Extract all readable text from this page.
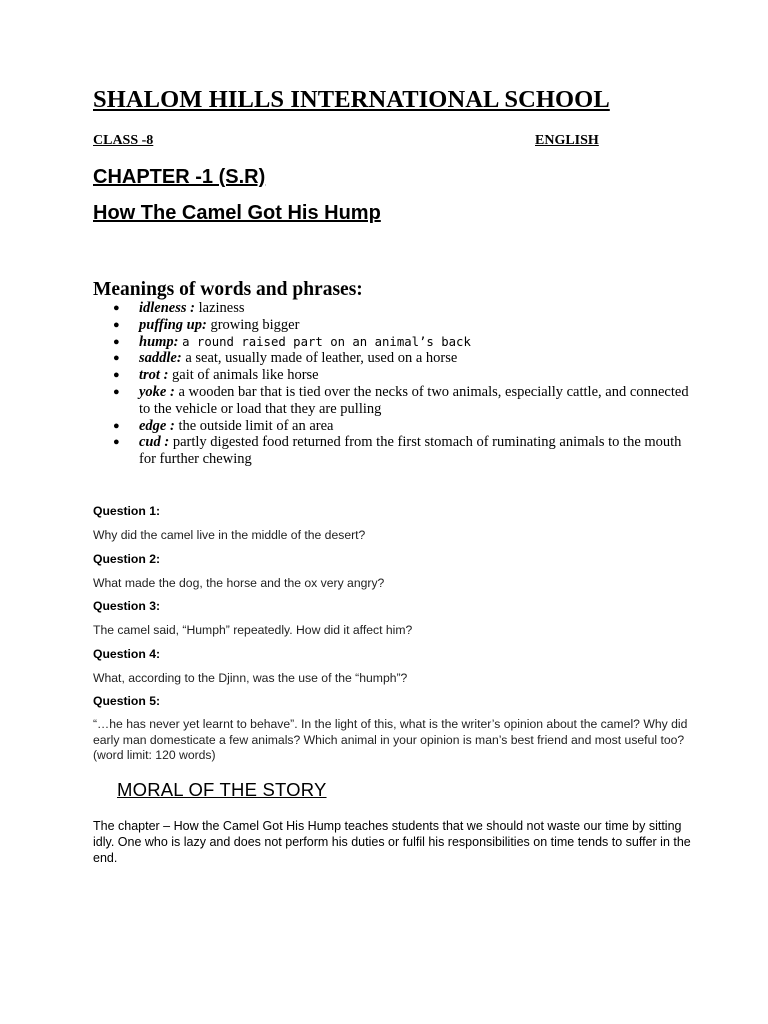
SHALOM HILLS INTERNATIONAL SCHOOL
CLASS -8	ENGLISH
CHAPTER -1 (S.R)
How The Camel Got His Hump
Meanings of words and phrases:
● idleness : laziness
● puffing up: growing bigger
● hump: a round raised part on an animal’s back
● saddle: a seat, usually made of leather, used on a horse
● trot : gait of animals like horse
● yoke : a wooden bar that is tied over the necks of two animals, especially cattle, and connected to the vehicle or load that they are pulling
● edge : the outside limit of an area
● cud : partly digested food returned from the first stomach of ruminating animals to the mouth for further chewing
Question 1:
Why did the camel live in the middle of the desert?
Question 2:
What made the dog, the horse and the ox very angry?
Question 3:
The camel said, “Humph” repeatedly. How did it affect him?
Question 4:
What, according to the Djinn, was the use of the “humph”?
Question 5:
“…he has never yet learnt to behave”. In the light of this, what is the writer’s opinion about the camel? Why did early man domesticate a few animals? Which animal in your opinion is man’s best friend and most useful too? (word limit: 120 words)
MORAL OF THE STORY
The chapter – How the Camel Got His Hump teaches students that we should not waste our time by sitting idly. One who is lazy and does not perform his duties or fulfil his responsibilities on time tends to suffer in the end.
